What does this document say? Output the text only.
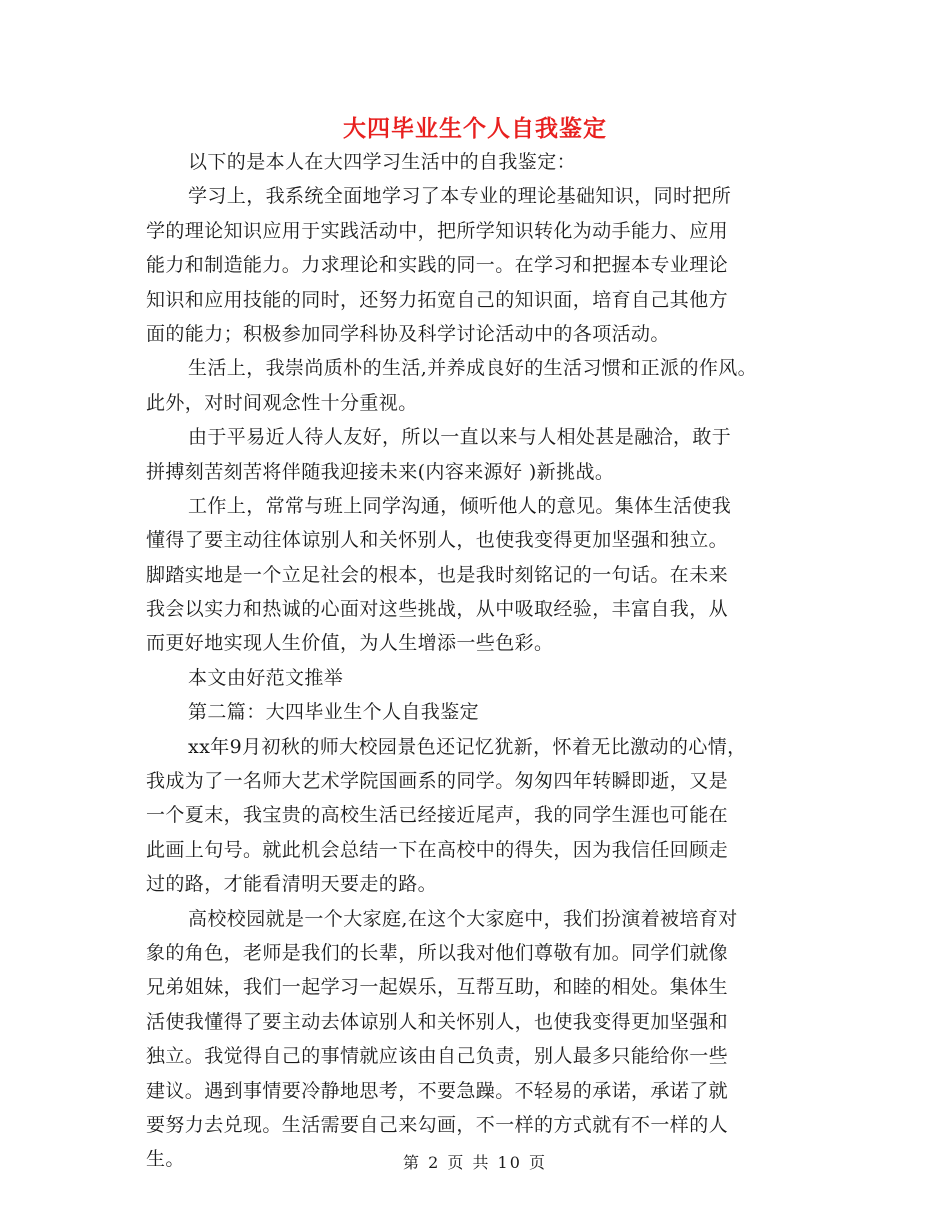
大四毕业生个人自我鉴定
以下的是本人在大四学习生活中的自我鉴定：
学习上，我系统全面地学习了本专业的理论基础知识，同时把所
学的理论知识应用于实践活动中，把所学知识转化为动手能力、应用
能力和制造能力。力求理论和实践的同一。在学习和把握本专业理论
知识和应用技能的同时，还努力拓宽自己的知识面，培育自己其他方
面的能力；积极参加同学科协及科学讨论活动中的各项活动。
生活上，我崇尚质朴的生活,并养成良好的生活习惯和正派的作风。
此外，对时间观念性十分重视。
由于平易近人待人友好，所以一直以来与人相处甚是融洽，敢于
拼搏刻苦刻苦将伴随我迎接未来(内容来源好 )新挑战。
工作上，常常与班上同学沟通，倾听他人的意见。集体生活使我
懂得了要主动往体谅别人和关怀别人，也使我变得更加坚强和独立。
脚踏实地是一个立足社会的根本，也是我时刻铭记的一句话。在未来
我会以实力和热诚的心面对这些挑战，从中吸取经验，丰富自我，从
而更好地实现人生价值，为人生增添一些色彩。
本文由好范文推举
第二篇：大四毕业生个人自我鉴定
xx年9月初秋的师大校园景色还记忆犹新，怀着无比激动的心情，
我成为了一名师大艺术学院国画系的同学。匆匆四年转瞬即逝，又是
一个夏末，我宝贵的高校生活已经接近尾声，我的同学生涯也可能在
此画上句号。就此机会总结一下在高校中的得失，因为我信任回顾走
过的路，才能看清明天要走的路。
高校校园就是一个大家庭,在这个大家庭中，我们扮演着被培育对
象的角色，老师是我们的长辈，所以我对他们尊敬有加。同学们就像
兄弟姐妹，我们一起学习一起娱乐，互帮互助，和睦的相处。集体生
活使我懂得了要主动去体谅别人和关怀别人，也使我变得更加坚强和
独立。我觉得自己的事情就应该由自己负责，别人最多只能给你一些
建议。遇到事情要冷静地思考，不要急躁。不轻易的承诺，承诺了就
要努力去兑现。生活需要自己来勾画，不一样的方式就有不一样的人
生。	第 2 页 共 10 页
